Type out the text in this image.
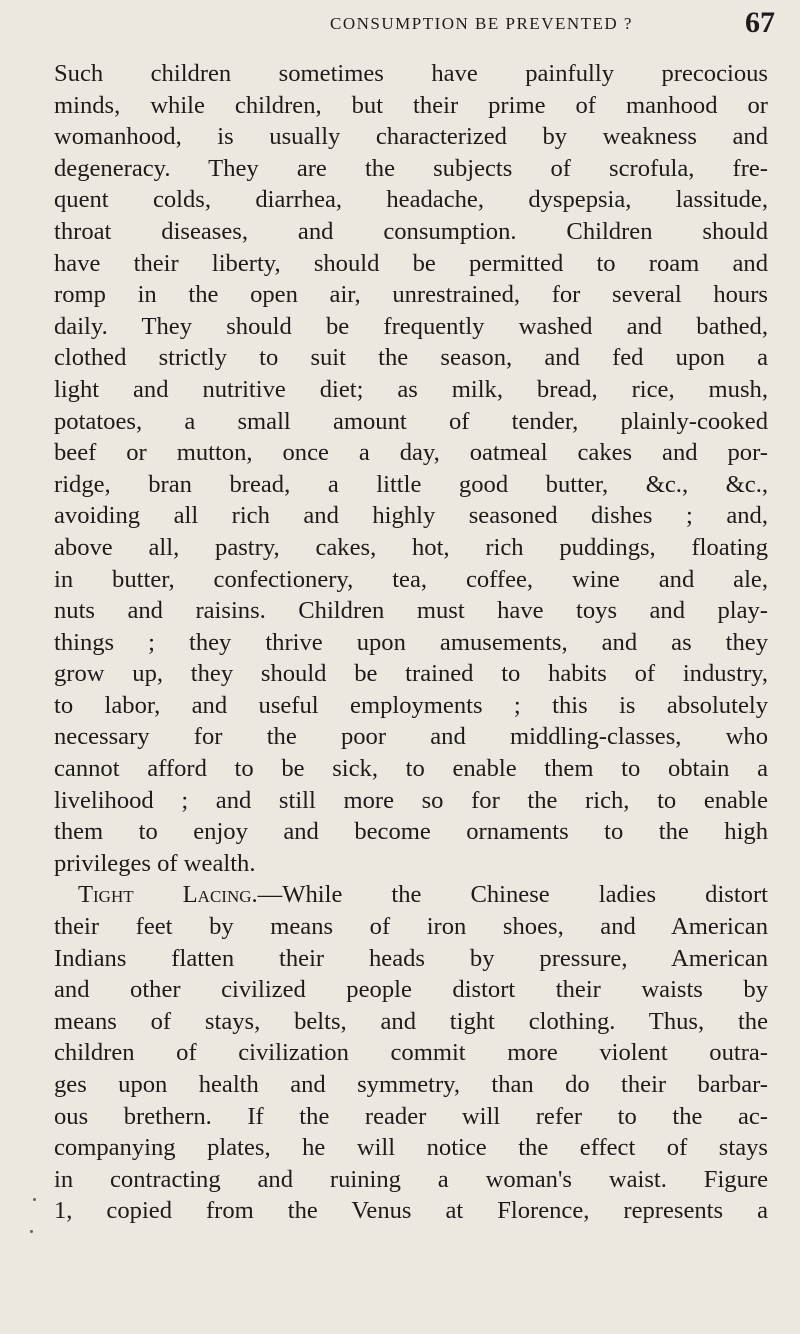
CONSUMPTION BE PREVENTED ?	67
Such children sometimes have painfully precocious
minds, while children, but their prime of manhood or
womanhood, is usually characterized by weakness and
degeneracy. They are the subjects of scrofula, fre-
quent colds, diarrhea, headache, dyspepsia, lassitude,
throat diseases, and consumption. Children should
have their liberty, should be permitted to roam and
romp in the open air, unrestrained, for several hours
daily. They should be frequently washed and bathed,
clothed strictly to suit the season, and fed upon a
light and nutritive diet; as milk, bread, rice, mush,
potatoes, a small amount of tender, plainly-cooked
beef or mutton, once a day, oatmeal cakes and por-
ridge, bran bread, a little good butter, &c., &c.,
avoiding all rich and highly seasoned dishes ; and,
above all, pastry, cakes, hot, rich puddings, floating
in butter, confectionery, tea, coffee, wine and ale,
nuts and raisins. Children must have toys and play-
things ; they thrive upon amusements, and as they
grow up, they should be trained to habits of industry,
to labor, and useful employments ; this is absolutely
necessary for the poor and middling-classes, who
cannot afford to be sick, to enable them to obtain a
livelihood ; and still more so for the rich, to enable
them to enjoy and become ornaments to the high
privileges of wealth.
Tight Lacing.—While the Chinese ladies distort
their feet by means of iron shoes, and American
Indians flatten their heads by pressure, American
and other civilized people distort their waists by
means of stays, belts, and tight clothing. Thus, the
children of civilization commit more violent outra-
ges upon health and symmetry, than do their barbar-
ous brethern. If the reader will refer to the ac-
companying plates, he will notice the effect of stays
in contracting and ruining a woman's waist. Figure
1, copied from the Venus at Florence, represents a
